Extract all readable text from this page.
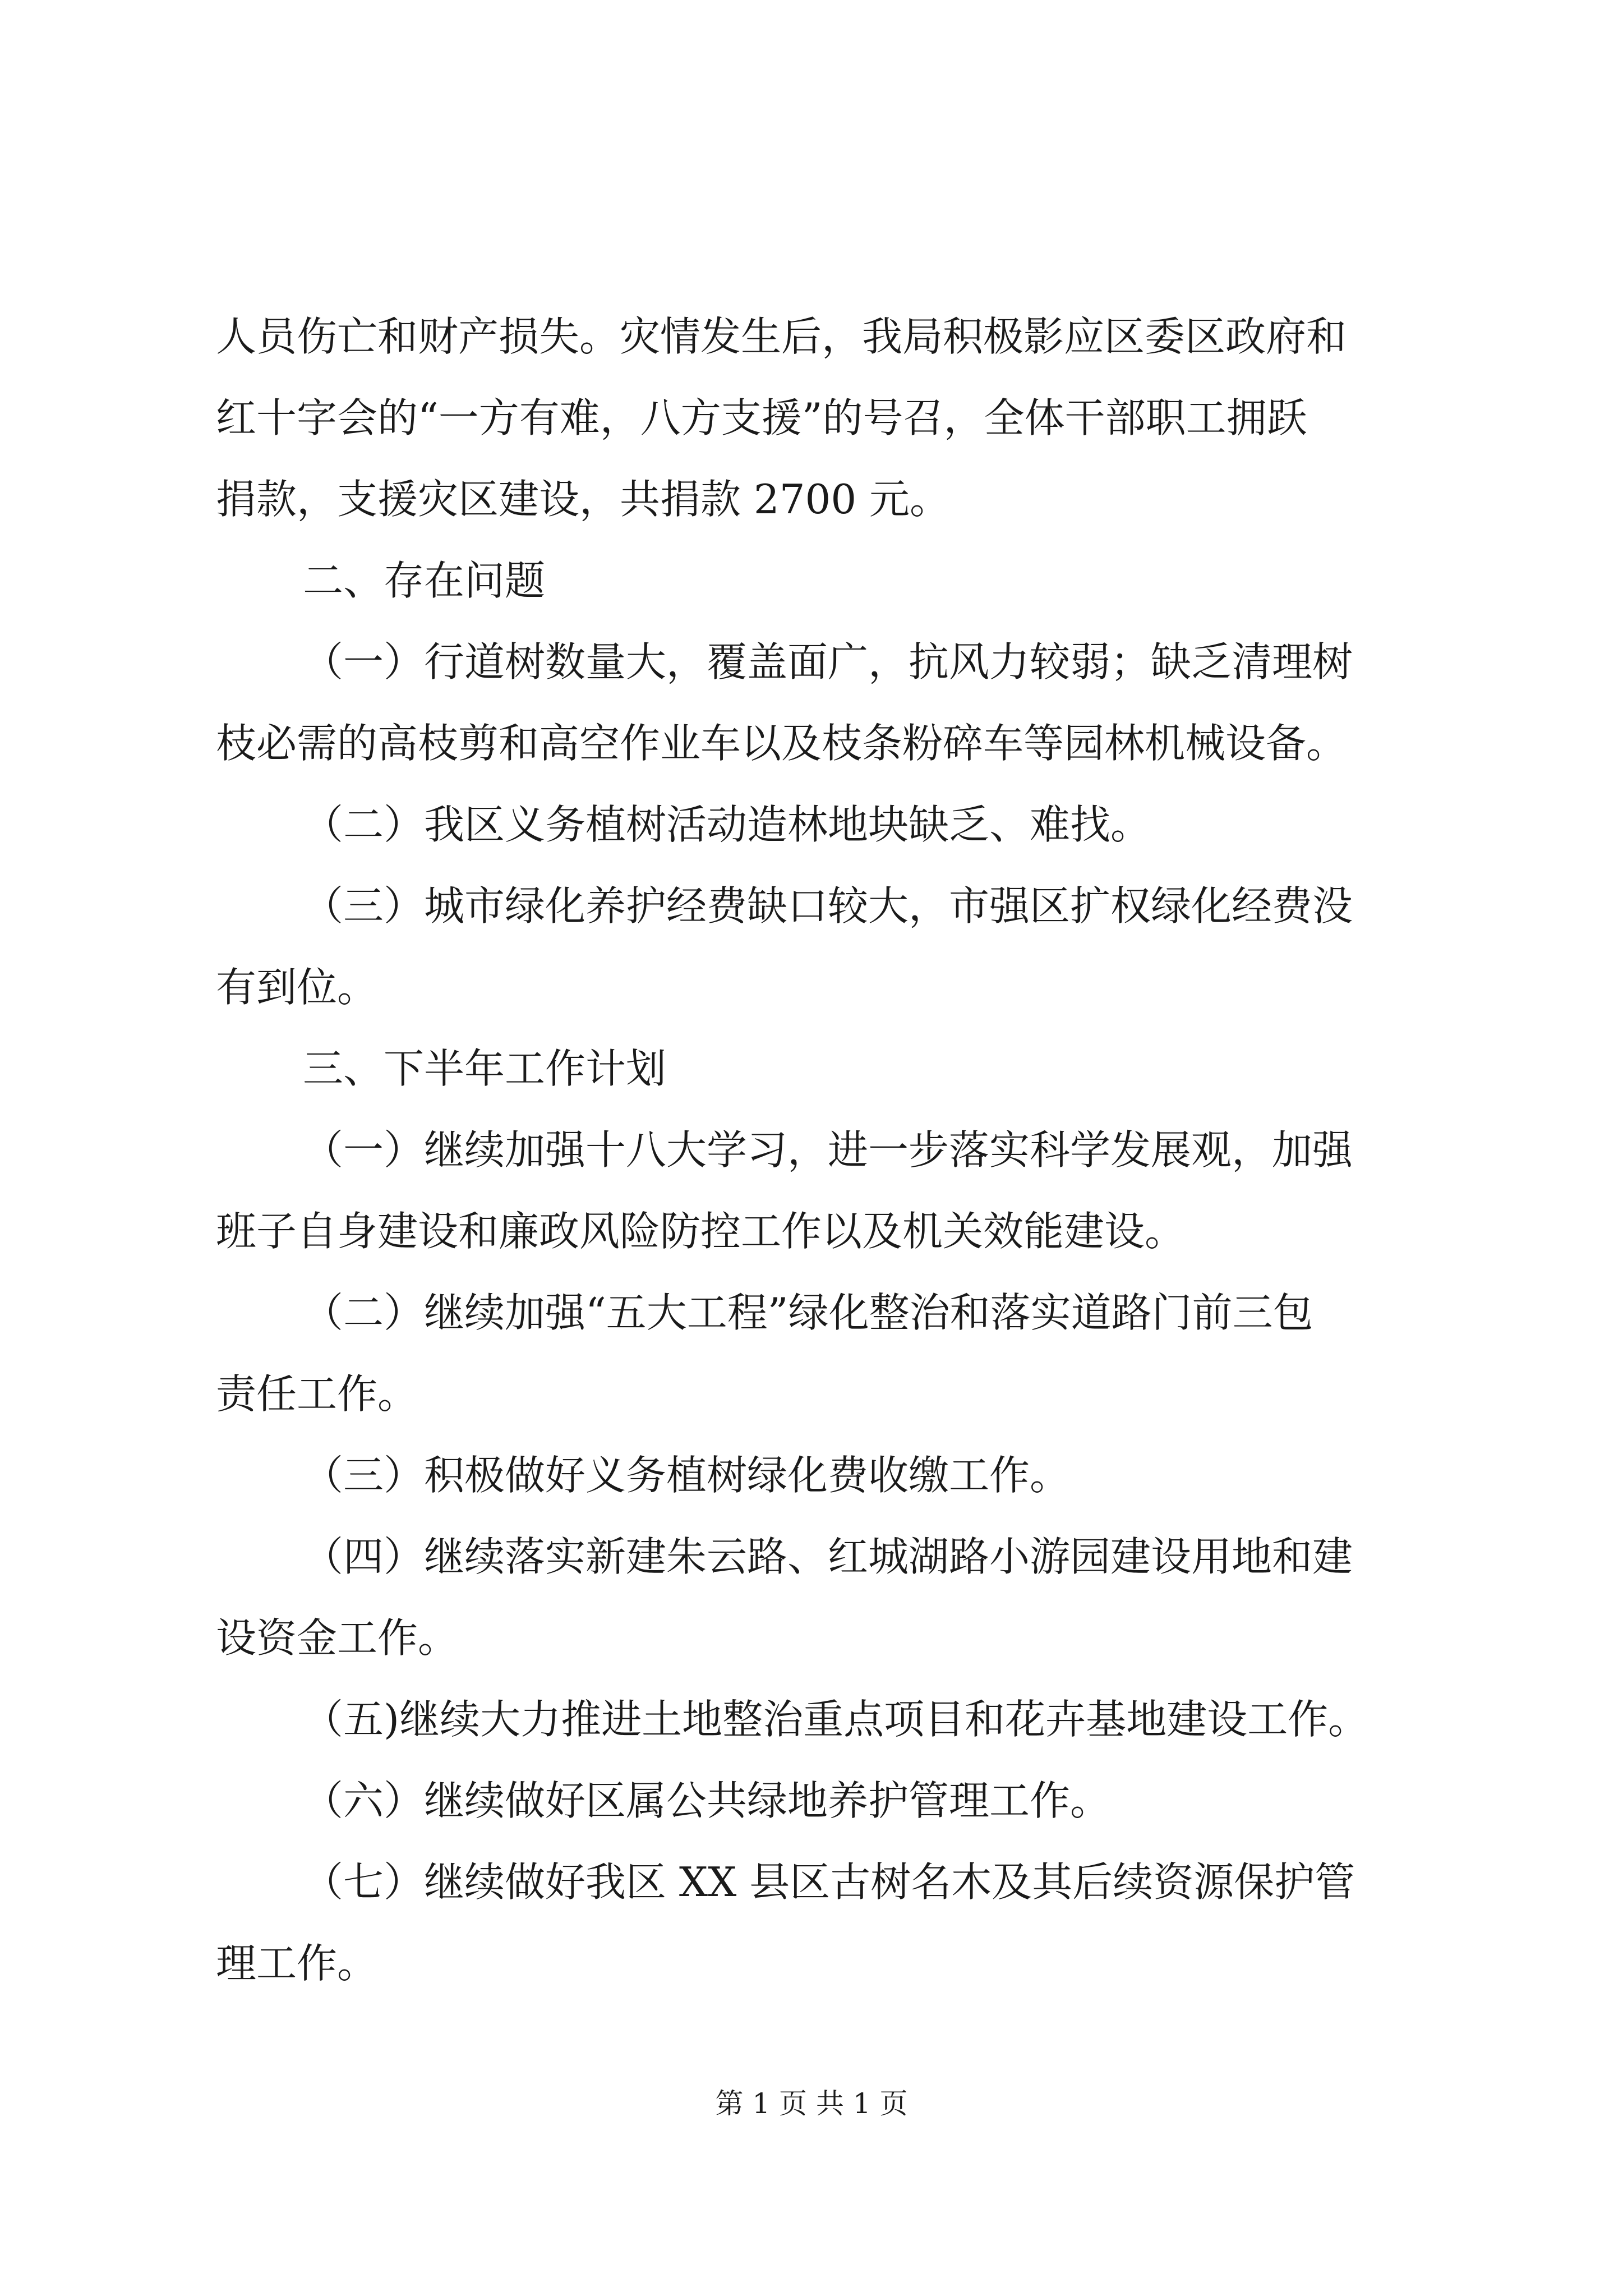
人员伤亡和财产损失。灾情发生后，我局积极影应区委区政府和
红十字会的“一方有难，八方支援”的号召，全体干部职工拥跃
捐款，支援灾区建设，共捐款 2700 元。
二、存在问题
（一）行道树数量大，覆盖面广，抗风力较弱；缺乏清理树
枝必需的高枝剪和高空作业车以及枝条粉碎车等园林机械设备。
（二）我区义务植树活动造林地块缺乏、难找。
（三）城市绿化养护经费缺口较大，市强区扩权绿化经费没
有到位。
三、下半年工作计划
（一）继续加强十八大学习，进一步落实科学发展观，加强
班子自身建设和廉政风险防控工作以及机关效能建设。
（二）继续加强“五大工程”绿化整治和落实道路门前三包
责任工作。
（三）积极做好义务植树绿化费收缴工作。
（四）继续落实新建朱云路、红城湖路小游园建设用地和建
设资金工作。
（五)继续大力推进土地整治重点项目和花卉基地建设工作。
（六）继续做好区属公共绿地养护管理工作。
（七）继续做好我区 XX 县区古树名木及其后续资源保护管
理工作。
第 1 页 共 1 页
